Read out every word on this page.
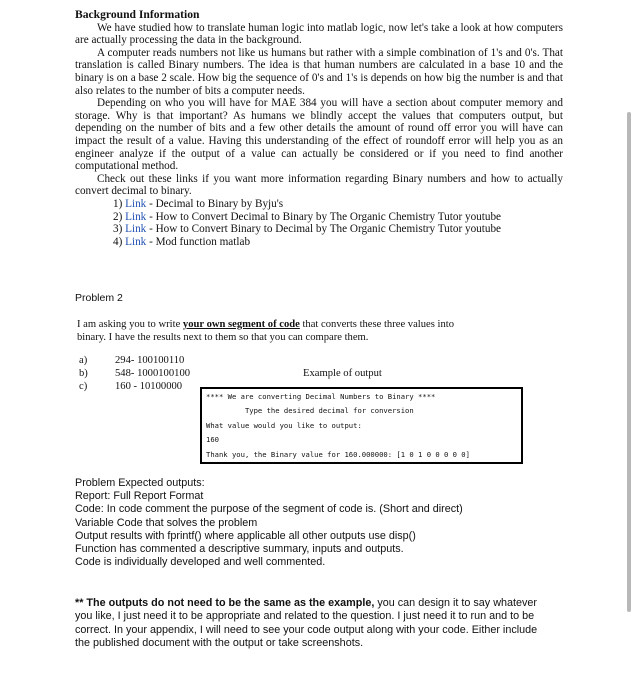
Background Information

We have studied how to translate human logic into matlab logic, now let's take a look at how computers are actually processing the data in the background.

A computer reads numbers not like us humans but rather with a simple combination of 1's and 0's. That translation is called Binary numbers. The idea is that human numbers are calculated in a base 10 and the binary is on a base 2 scale. How big the sequence of 0's and 1's is depends on how big the number is and that also relates to the number of bits a computer needs.

Depending on who you will have for MAE 384 you will have a section about computer memory and storage. Why is that important? As humans we blindly accept the values that computers output, but depending on the number of bits and a few other details the amount of round off error you will have can impact the result of a value. Having this understanding of the effect of roundoff error will help you as an engineer analyze if the output of a value can actually be considered or if you need to find another computational method.

Check out these links if you want more information regarding Binary numbers and how to actually convert decimal to binary.

1) Link - Decimal to Binary by Byju's
2) Link - How to Convert Decimal to Binary by The Organic Chemistry Tutor youtube
3) Link - How to Convert Binary to Decimal by The Organic Chemistry Tutor youtube
4) Link - Mod function matlab
Problem 2
I am asking you to write your own segment of code that converts these three values into binary. I have the results next to them so that you can compare them.
a)	294- 100100110
b)	548- 1000100100
c)	160 - 10100000
Example of output
**** We are converting Decimal Numbers to Binary ****
Type the desired decimal for conversion
What value would you like to output:
160
Thank you, the Binary value for 160.000000: [1 0 1 0 0 0 0 0]
Problem Expected outputs:
Report: Full Report Format
Code: In code comment the purpose of the segment of code is. (Short and direct)
Variable Code that solves the problem
Output results with fprintf() where applicable all other outputs use disp()
Function has commented a descriptive summary, inputs and outputs.
Code is individually developed and well commented.
** The outputs do not need to be the same as the example, you can design it to say whatever you like, I just need it to be appropriate and related to the question. I just need it to run and to be correct. In your appendix, I will need to see your code output along with your code. Either include the published document with the output or take screenshots.
